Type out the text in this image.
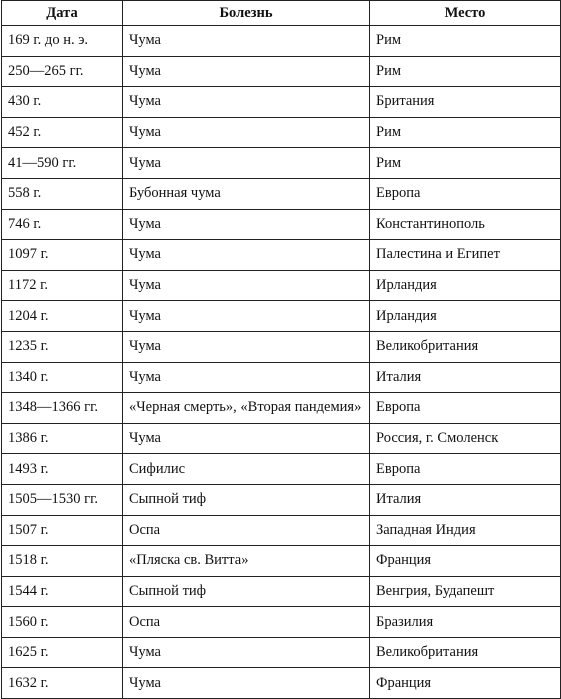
Дата	Болезнь	Место
169 г. до н. э.	Чума	Рим
250—265 гг.	Чума	Рим
430 г.	Чума	Британия
452 г.	Чума	Рим
41—590 гг.	Чума	Рим
558 г.	Бубонная чума	Европа
746 г.	Чума	Константинополь
1097 г.	Чума	Палестина и Египет
1172 г.	Чума	Ирландия
1204 г.	Чума	Ирландия
1235 г.	Чума	Великобритания
1340 г.	Чума	Италия
1348—1366 гг.	«Черная смерть», «Вторая пандемия»	Европа
1386 г.	Чума	Россия, г. Смоленск
1493 г.	Сифилис	Европа
1505—1530 гг.	Сыпной тиф	Италия
1507 г.	Оспа	Западная Индия
1518 г.	«Пляска св. Витта»	Франция
1544 г.	Сыпной тиф	Венгрия, Будапешт
1560 г.	Оспа	Бразилия
1625 г.	Чума	Великобритания
1632 г.	Чума	Франция
